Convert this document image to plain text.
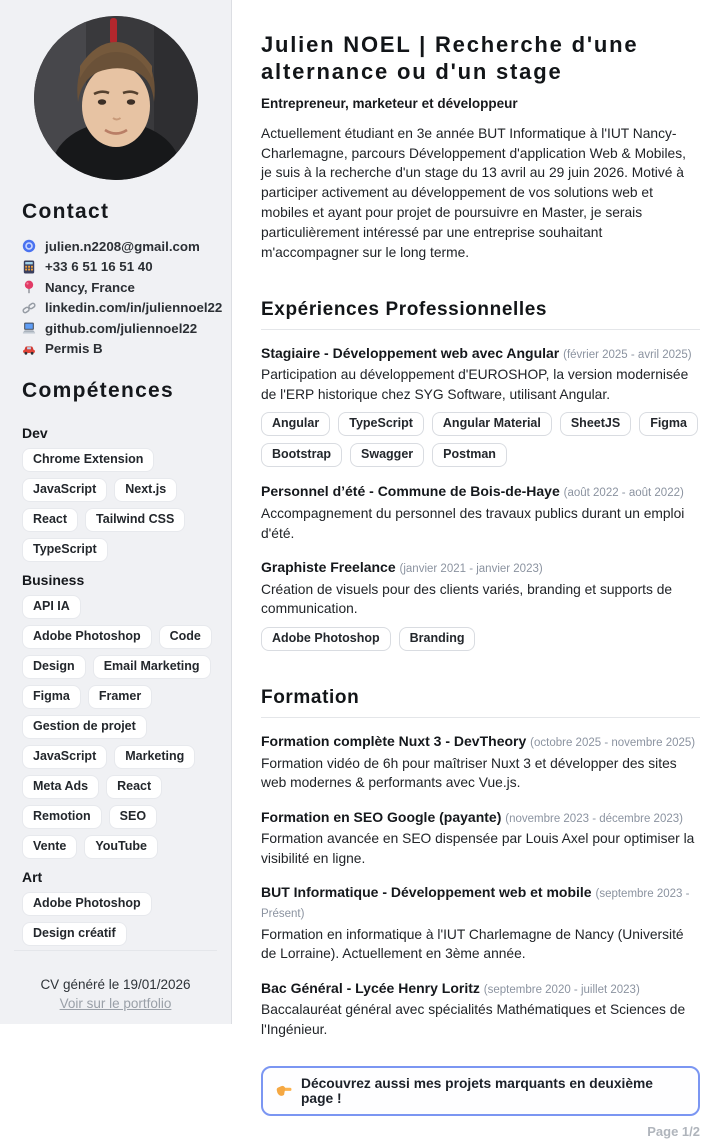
Contact
julien.n2208@gmail.com
+33 6 51 16 51 40
Nancy, France
linkedin.com/in/juliennoel22
github.com/juliennoel22
Permis B
Compétences
Dev
Chrome Extension
JavaScript	Next.js
React	Tailwind CSS
TypeScript
Business
API IA
Adobe Photoshop	Code
Design	Email Marketing
Figma	Framer
Gestion de projet
JavaScript	Marketing
Meta Ads	React
Remotion	SEO
Vente	YouTube
Art
Adobe Photoshop
Design créatif
CV généré le 19/01/2026
Voir sur le portfolio
Julien NOEL | Recherche d'une alternance ou d'un stage
Entrepreneur, marketeur et développeur

Actuellement étudiant en 3e année BUT Informatique à l'IUT Nancy-Charlemagne, parcours Développement d'application Web & Mobiles, je suis à la recherche d'un stage du 13 avril au 29 juin 2026. Motivé à participer activement au développement de vos solutions web et mobiles et ayant pour projet de poursuivre en Master, je serais particulièrement intéressé par une entreprise souhaitant m'accompagner sur le long terme.

Expériences Professionnelles
Stagiaire - Développement web avec Angular (février 2025 - avril 2025)
Participation au développement d'EUROSHOP, la version modernisée de l'ERP historique chez SYG Software, utilisant Angular.
Angular	TypeScript	Angular Material	SheetJS	Figma
Bootstrap	Swagger	Postman
Personnel d’été - Commune de Bois-de-Haye (août 2022 - août 2022)
Accompagnement du personnel des travaux publics durant un emploi d'été.
Graphiste Freelance (janvier 2021 - janvier 2023)
Création de visuels pour des clients variés, branding et supports de communication.
Adobe Photoshop	Branding
Formation
Formation complète Nuxt 3 - DevTheory (octobre 2025 - novembre 2025)
Formation vidéo de 6h pour maîtriser Nuxt 3 et développer des sites web modernes & performants avec Vue.js.
Formation en SEO Google (payante) (novembre 2023 - décembre 2023)
Formation avancée en SEO dispensée par Louis Axel pour optimiser la visibilité en ligne.
BUT Informatique - Développement web et mobile (septembre 2023 - Présent)
Formation en informatique à l'IUT Charlemagne de Nancy (Université de Lorraine). Actuellement en 3ème année.
Bac Général - Lycée Henry Loritz (septembre 2020 - juillet 2023)
Baccalauréat général avec spécialités Mathématiques et Sciences de l'Ingénieur.
Découvrez aussi mes projets marquants en deuxième page !
Page 1/2
